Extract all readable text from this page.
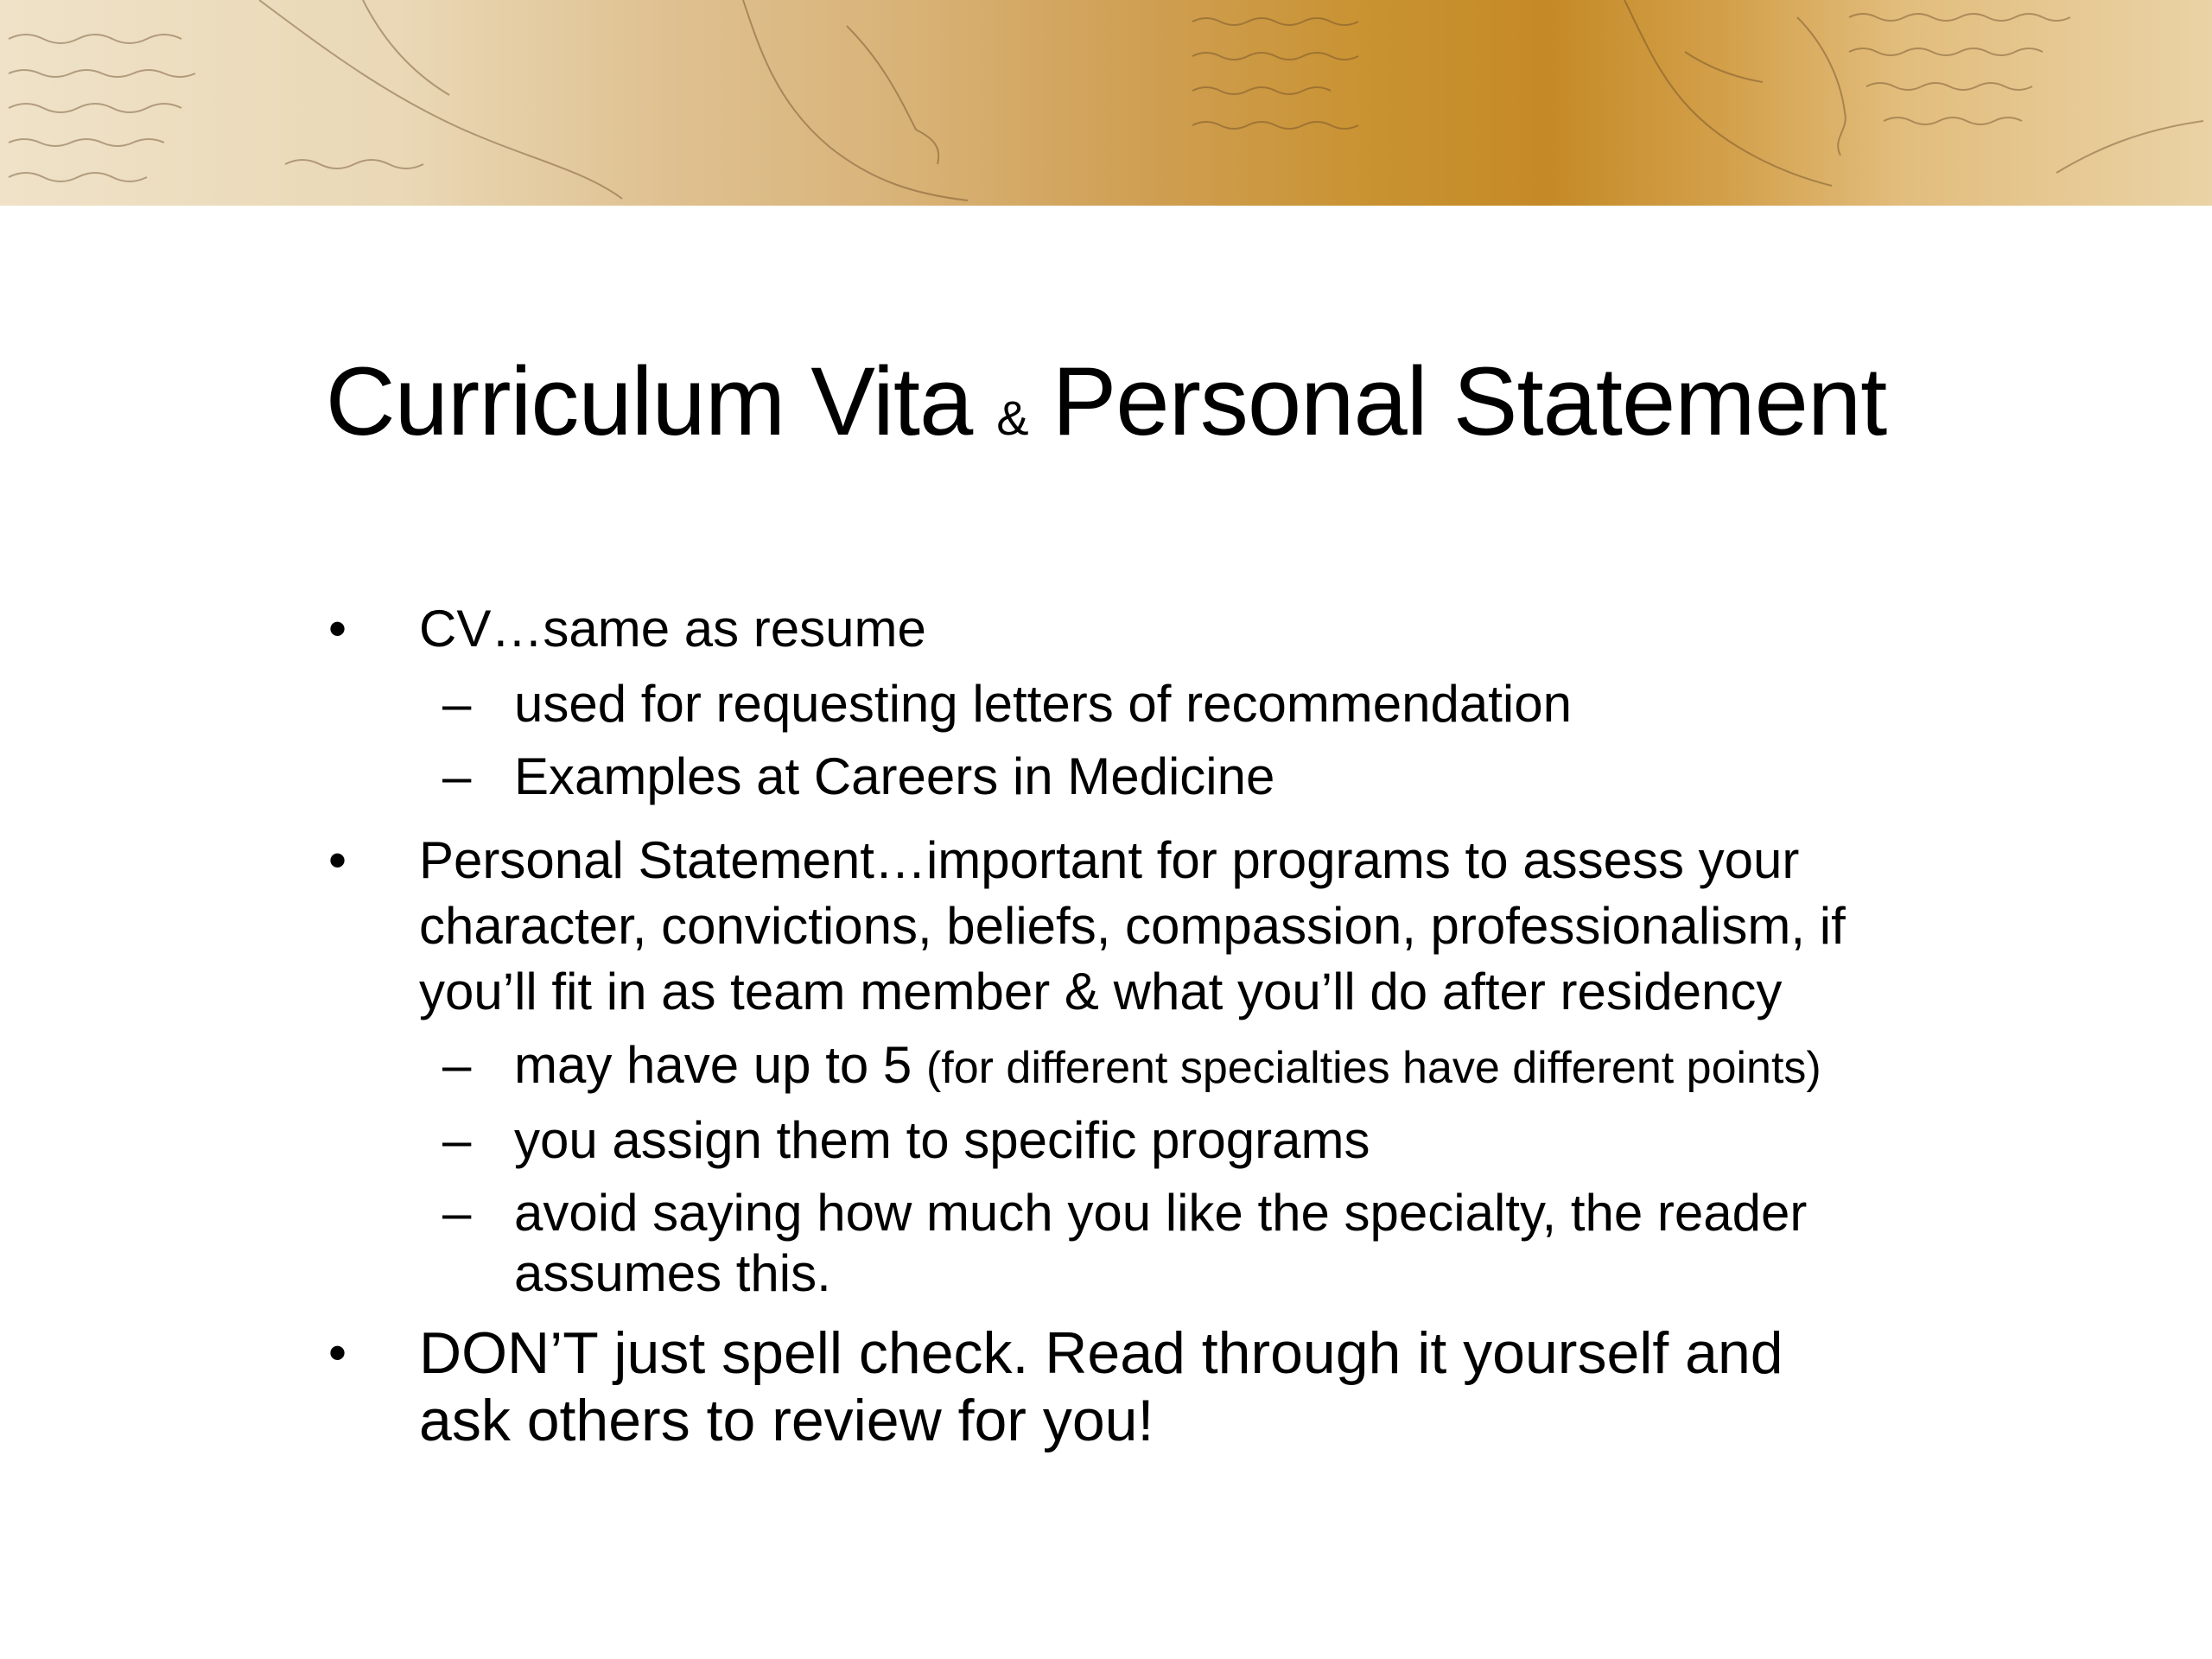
Curriculum Vita & Personal Statement
•	CV…same as resume
– used for requesting letters of recommendation
– Examples at Careers in Medicine
•	Personal Statement…important for programs to assess your
character, convictions, beliefs, compassion, professionalism, if
you’ll fit in as team member & what you’ll do after residency
– may have up to 5 (for different specialties have different points)
– you assign them to specific programs
– avoid saying how much you like the specialty, the reader
assumes this.
• DON’T just spell check. Read through it yourself and
ask others to review for you!
